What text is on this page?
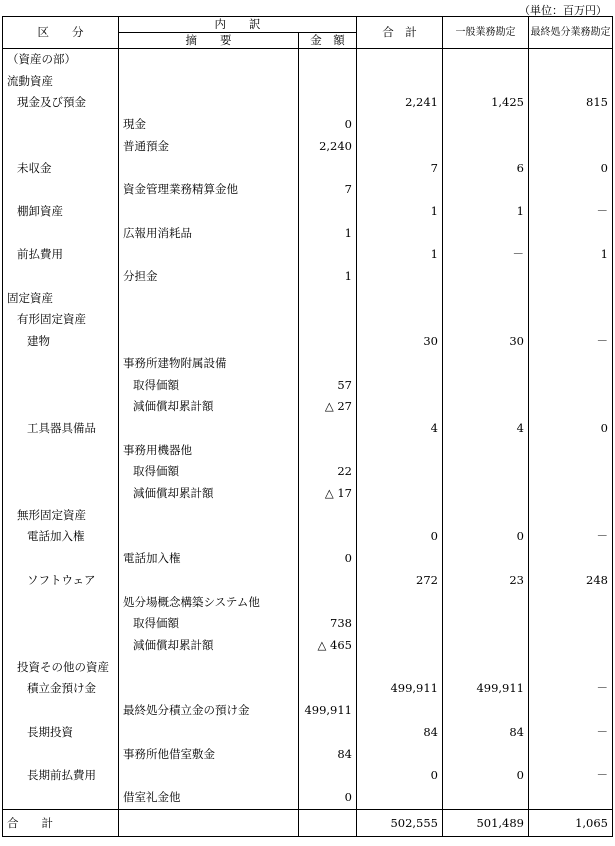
（単位：百万円）
区　　分	内　　訳		合　計	一般業務勘定	最終処分業務勘定
	摘　　要	金　額			
（資産の部）					
流動資産					
現金及び預金			2,241	1,425	815
	現金	0			
	普通預金	2,240			
未収金			7	6	0
	資金管理業務精算金他	7			
棚卸資産			1	1	－
	広報用消耗品	1			
前払費用			1	－	1
	分担金	1			
固定資産					
有形固定資産					
建物			30	30	－
	事務所建物附属設備				
	取得価額	57			
	減価償却累計額	△ 27			
工具器具備品			4	4	0
	事務用機器他				
	取得価額	22			
	減価償却累計額	△ 17			
無形固定資産					
電話加入権			0	0	－
	電話加入権	0			
ソフトウェア			272	23	248
	処分場概念構築システム他				
	取得価額	738			
	減価償却累計額	△ 465			
投資その他の資産					
積立金預け金			499,911	499,911	－
	最終処分積立金の預け金	499,911			
長期投資			84	84	－
	事務所他借室敷金	84			
長期前払費用			0	0	－
	借室礼金他	0			
合　　計			502,555	501,489	1,065
